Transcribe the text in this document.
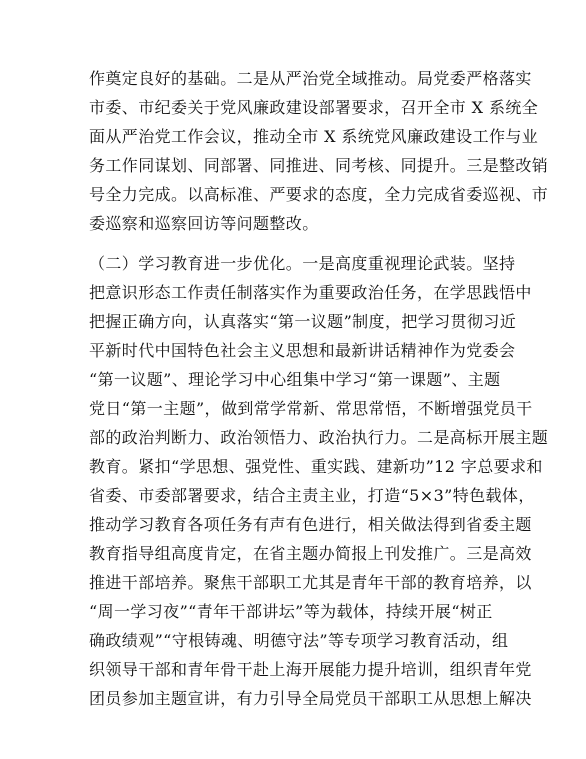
作奠定良好的基础。二是从严治党全域推动。局党委严格落实
市委、市纪委关于党风廉政建设部署要求，召开全市 X 系统全
面从严治党工作会议，推动全市 X 系统党风廉政建设工作与业
务工作同谋划、同部署、同推进、同考核、同提升。三是整改销
号全力完成。以高标准、严要求的态度，全力完成省委巡视、市
委巡察和巡察回访等问题整改。
（二）学习教育进一步优化。一是高度重视理论武装。坚持
把意识形态工作责任制落实作为重要政治任务，在学思践悟中
把握正确方向，认真落实“第一议题”制度，把学习贯彻习近
平新时代中国特色社会主义思想和最新讲话精神作为党委会
“第一议题”、理论学习中心组集中学习“第一课题”、主题
党日“第一主题”，做到常学常新、常思常悟，不断增强党员干
部的政治判断力、政治领悟力、政治执行力。二是高标开展主题
教育。紧扣“学思想、强党性、重实践、建新功”12 字总要求和
省委、市委部署要求，结合主责主业，打造“5×3”特色载体，
推动学习教育各项任务有声有色进行，相关做法得到省委主题
教育指导组高度肯定，在省主题办简报上刊发推广。三是高效
推进干部培养。聚焦干部职工尤其是青年干部的教育培养，以
“周一学习夜”“青年干部讲坛”等为载体，持续开展“树正
确政绩观”“守根铸魂、明德守法”等专项学习教育活动，组
织领导干部和青年骨干赴上海开展能力提升培训，组织青年党
团员参加主题宣讲，有力引导全局党员干部职工从思想上解决
